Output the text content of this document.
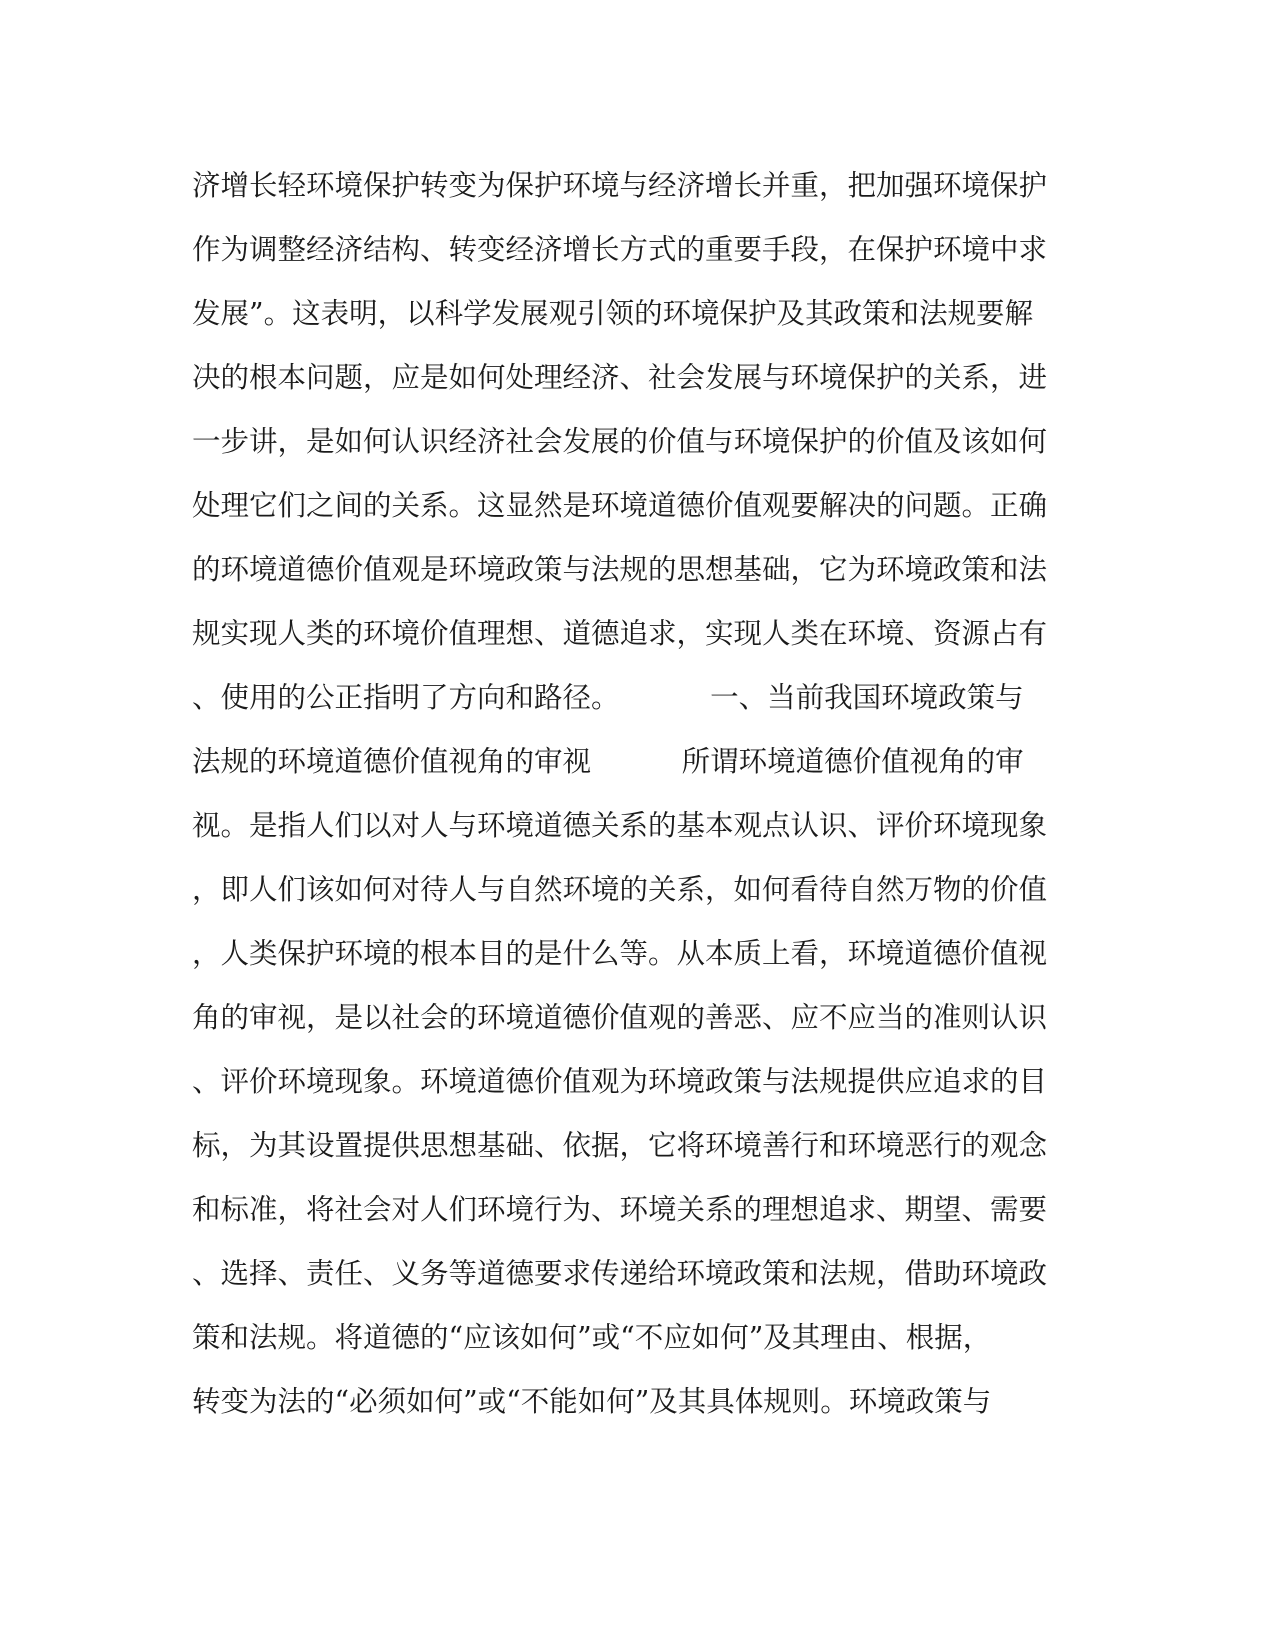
济增长轻环境保护转变为保护环境与经济增长并重，把加强环境保护
作为调整经济结构、转变经济增长方式的重要手段，在保护环境中求
发展”。这表明，以科学发展观引领的环境保护及其政策和法规要解
决的根本问题，应是如何处理经济、社会发展与环境保护的关系，进
一步讲，是如何认识经济社会发展的价值与环境保护的价值及该如何
处理它们之间的关系。这显然是环境道德价值观要解决的问题。正确
的环境道德价值观是环境政策与法规的思想基础，它为环境政策和法
规实现人类的环境价值理想、道德追求，实现人类在环境、资源占有
、使用的公正指明了方向和路径。          一、当前我国环境政策与
法规的环境道德价值视角的审视          所谓环境道德价值视角的审
视。是指人们以对人与环境道德关系的基本观点认识、评价环境现象
，即人们该如何对待人与自然环境的关系，如何看待自然万物的价值
，人类保护环境的根本目的是什么等。从本质上看，环境道德价值视
角的审视，是以社会的环境道德价值观的善恶、应不应当的准则认识
、评价环境现象。环境道德价值观为环境政策与法规提供应追求的目
标，为其设置提供思想基础、依据，它将环境善行和环境恶行的观念
和标准，将社会对人们环境行为、环境关系的理想追求、期望、需要
、选择、责任、义务等道德要求传递给环境政策和法规，借助环境政
策和法规。将道德的“应该如何”或“不应如何”及其理由、根据，
转变为法的“必须如何”或“不能如何”及其具体规则。环境政策与
